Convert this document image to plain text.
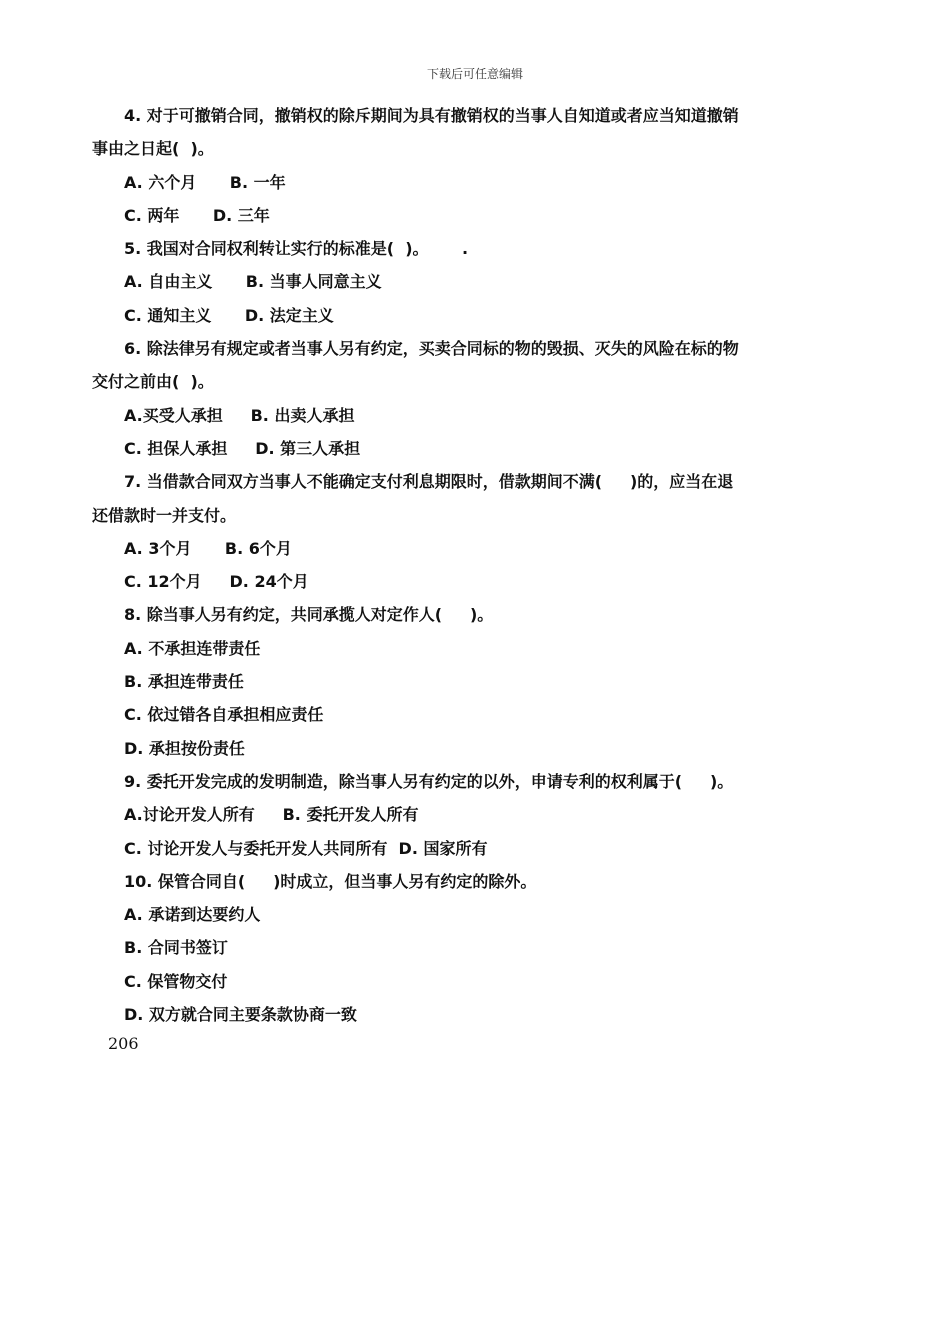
下载后可任意编辑
4. 对于可撤销合同，撤销权的除斥期间为具有撤销权的当事人自知道或者应当知道撤销
事由之日起(  )。
A. 六个月      B. 一年
C. 两年      D. 三年
5. 我国对合同权利转让实行的标准是(  )。      .
A. 自由主义      B. 当事人同意主义
C. 通知主义      D. 法定主义
6. 除法律另有规定或者当事人另有约定，买卖合同标的物的毁损、灭失的风险在标的物
交付之前由(  )。
A.买受人承担     B. 出卖人承担
C. 担保人承担     D. 第三人承担
7. 当借款合同双方当事人不能确定支付利息期限时，借款期间不满(     )的，应当在退
还借款时一并支付。
A. 3个月      B. 6个月
C. 12个月     D. 24个月
8. 除当事人另有约定，共同承揽人对定作人(     )。
A. 不承担连带责任
B. 承担连带责任
C. 依过错各自承担相应责任
D. 承担按份责任
9. 委托开发完成的发明制造，除当事人另有约定的以外，申请专利的权利属于(     )。
A.讨论开发人所有     B. 委托开发人所有
C. 讨论开发人与委托开发人共同所有  D. 国家所有
10. 保管合同自(     )时成立，但当事人另有约定的除外。
A. 承诺到达要约人
B. 合同书签订
C. 保管物交付
D. 双方就合同主要条款协商一致
206
